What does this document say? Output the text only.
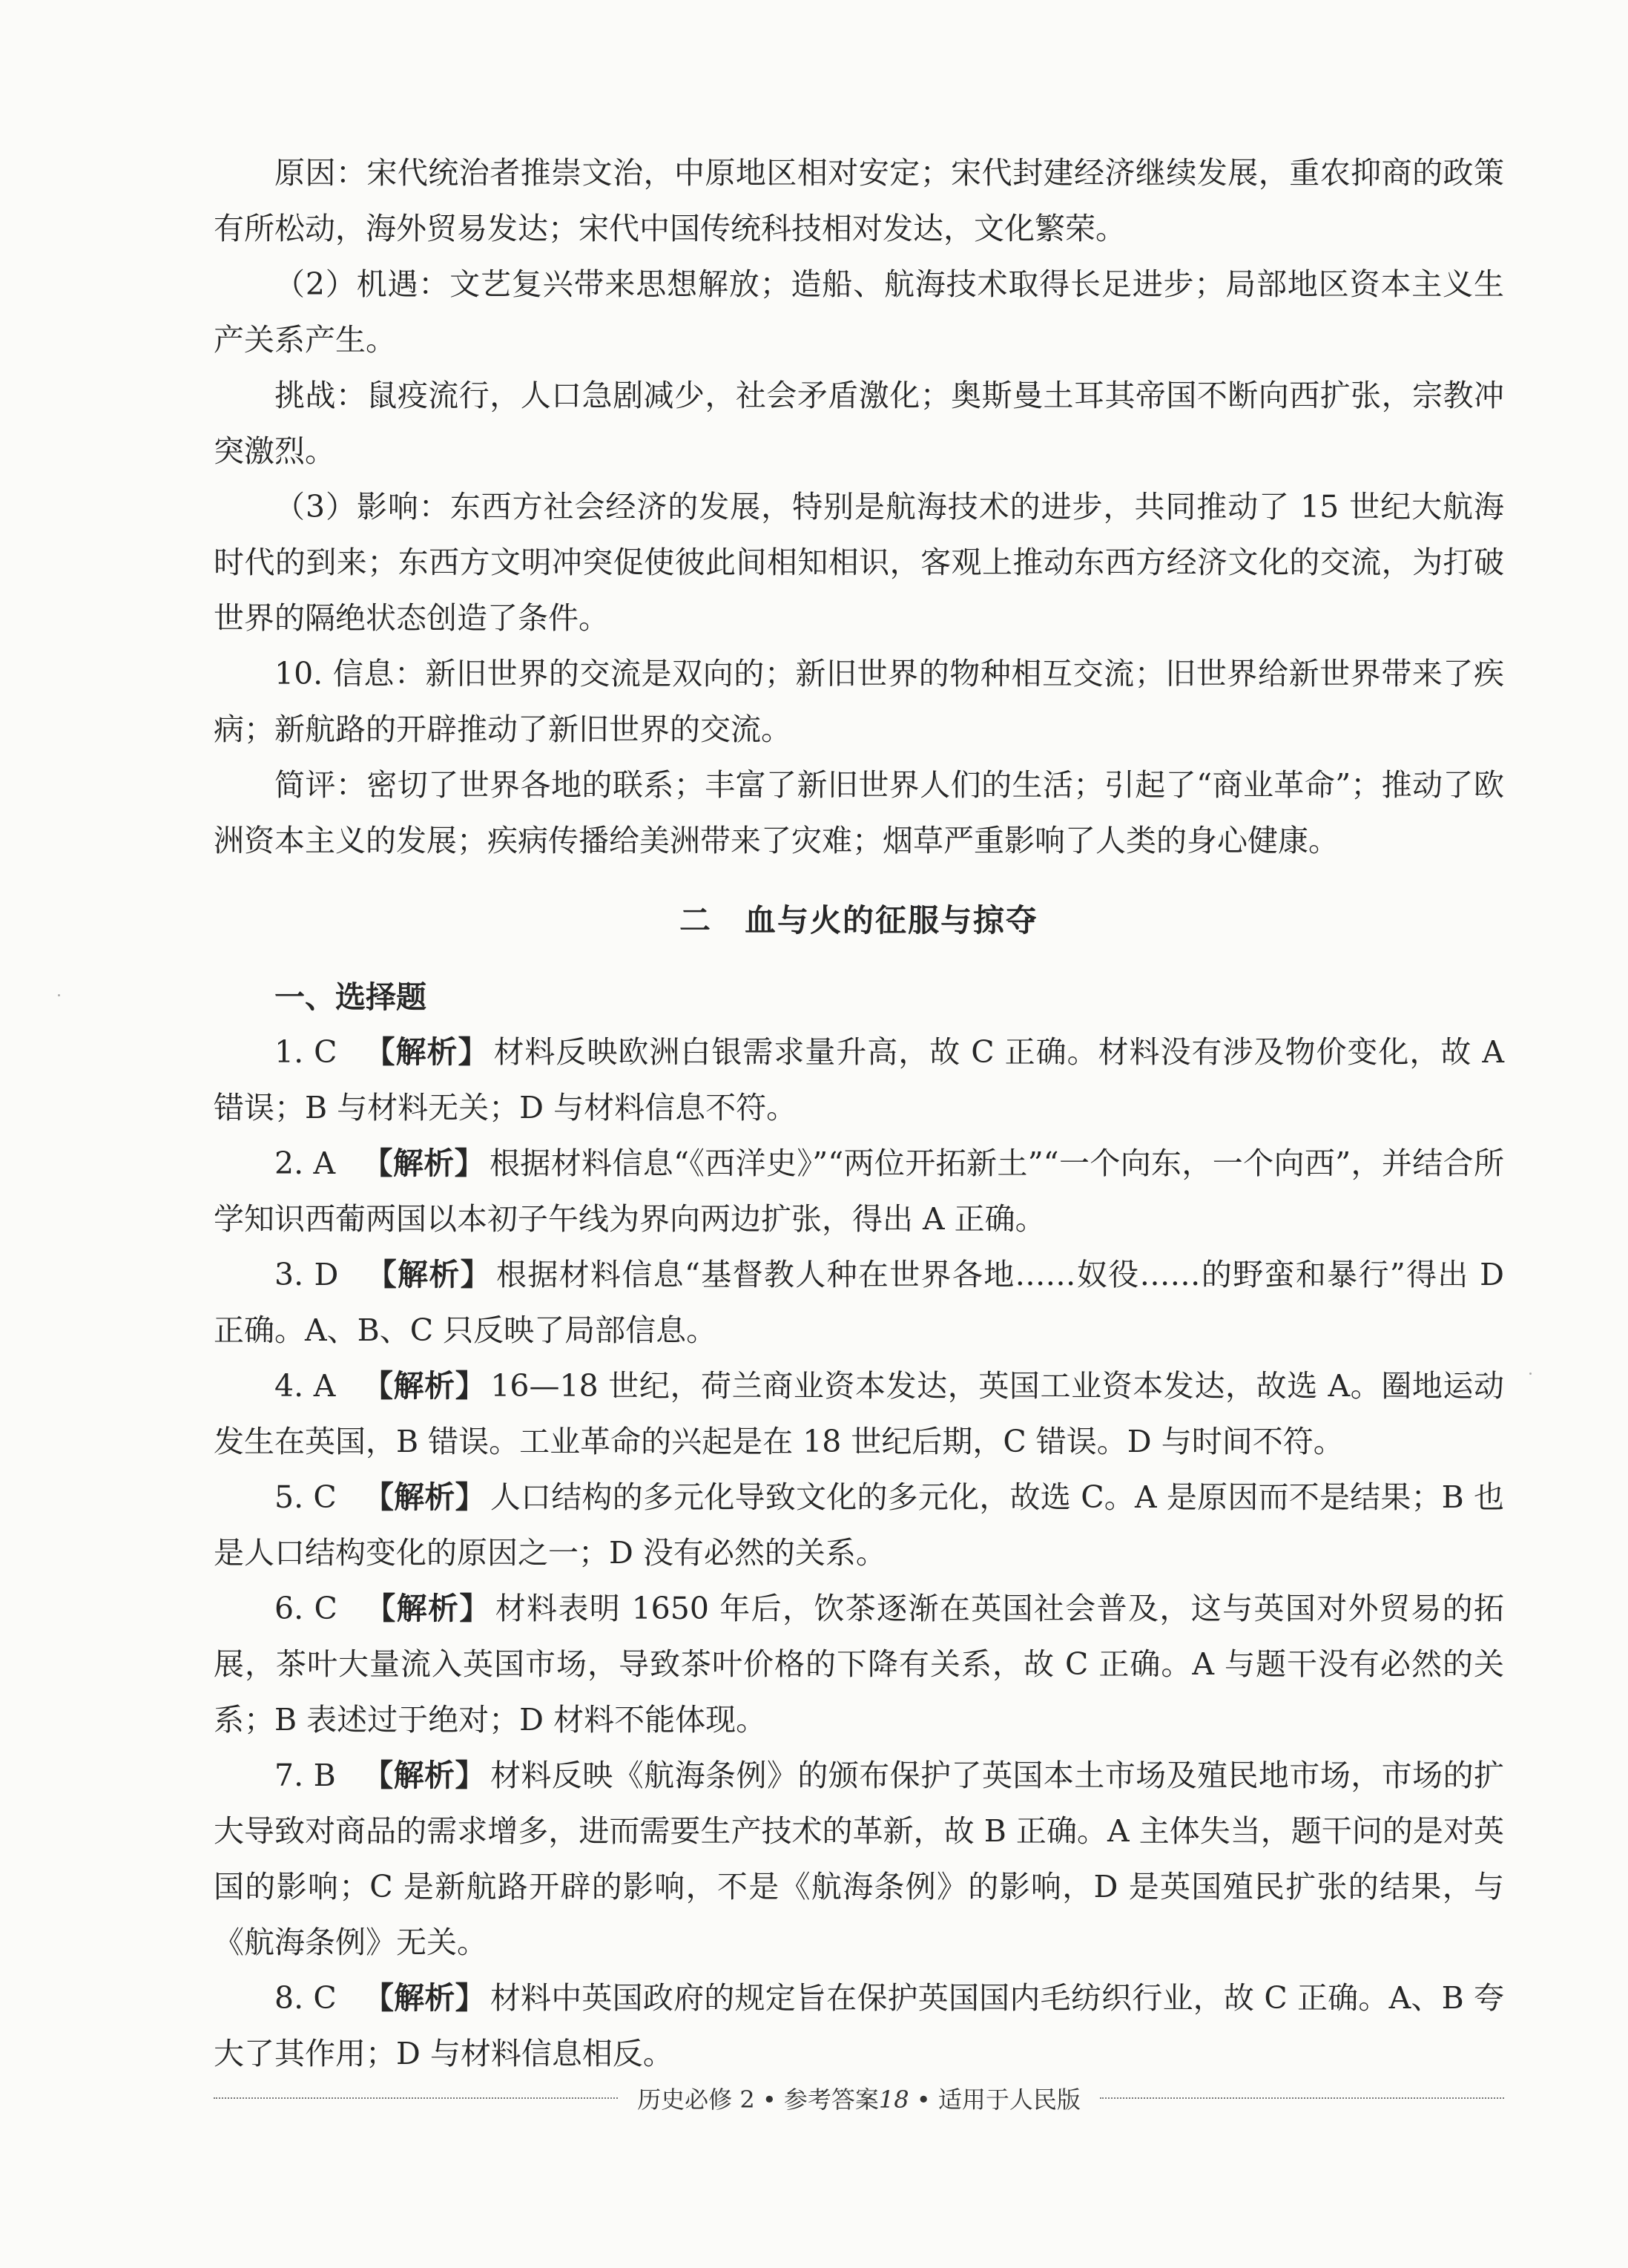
原因：宋代统治者推崇文治，中原地区相对安定；宋代封建经济继续发展，重农抑商的政策有所松动，海外贸易发达；宋代中国传统科技相对发达，文化繁荣。

（2）机遇：文艺复兴带来思想解放；造船、航海技术取得长足进步；局部地区资本主义生产关系产生。

挑战：鼠疫流行，人口急剧减少，社会矛盾激化；奥斯曼土耳其帝国不断向西扩张，宗教冲突激烈。

（3）影响：东西方社会经济的发展，特别是航海技术的进步，共同推动了 15 世纪大航海时代的到来；东西方文明冲突促使彼此间相知相识，客观上推动东西方经济文化的交流，为打破世界的隔绝状态创造了条件。

10. 信息：新旧世界的交流是双向的；新旧世界的物种相互交流；旧世界给新世界带来了疾病；新航路的开辟推动了新旧世界的交流。

简评：密切了世界各地的联系；丰富了新旧世界人们的生活；引起了“商业革命”；推动了欧洲资本主义的发展；疾病传播给美洲带来了灾难；烟草严重影响了人类的身心健康。

二　血与火的征服与掠夺
一、选择题

1. C 【解析】 材料反映欧洲白银需求量升高，故 C 正确。材料没有涉及物价变化，故 A 错误；B 与材料无关；D 与材料信息不符。

2. A 【解析】 根据材料信息“《西洋史》”“两位开拓新土”“一个向东，一个向西”，并结合所学知识西葡两国以本初子午线为界向两边扩张，得出 A 正确。

3. D 【解析】 根据材料信息“基督教人种在世界各地……奴役……的野蛮和暴行”得出 D 正确。A、B、C 只反映了局部信息。

4. A 【解析】 16—18 世纪，荷兰商业资本发达，英国工业资本发达，故选 A。圈地运动发生在英国，B 错误。工业革命的兴起是在 18 世纪后期，C 错误。D 与时间不符。

5. C 【解析】 人口结构的多元化导致文化的多元化，故选 C。A 是原因而不是结果；B 也是人口结构变化的原因之一；D 没有必然的关系。

6. C 【解析】 材料表明 1650 年后，饮茶逐渐在英国社会普及，这与英国对外贸易的拓展，茶叶大量流入英国市场，导致茶叶价格的下降有关系，故 C 正确。A 与题干没有必然的关系；B 表述过于绝对；D 材料不能体现。

7. B 【解析】 材料反映《航海条例》的颁布保护了英国本土市场及殖民地市场，市场的扩大导致对商品的需求增多，进而需要生产技术的革新，故 B 正确。A 主体失当，题干问的是对英国的影响；C 是新航路开辟的影响，不是《航海条例》的影响，D 是英国殖民扩张的结果，与《航海条例》无关。

8. C 【解析】 材料中英国政府的规定旨在保护英国国内毛纺织行业，故 C 正确。A、B 夸大了其作用；D 与材料信息相反。

历史必修 2 • 参考答案18 • 适用于人民版
